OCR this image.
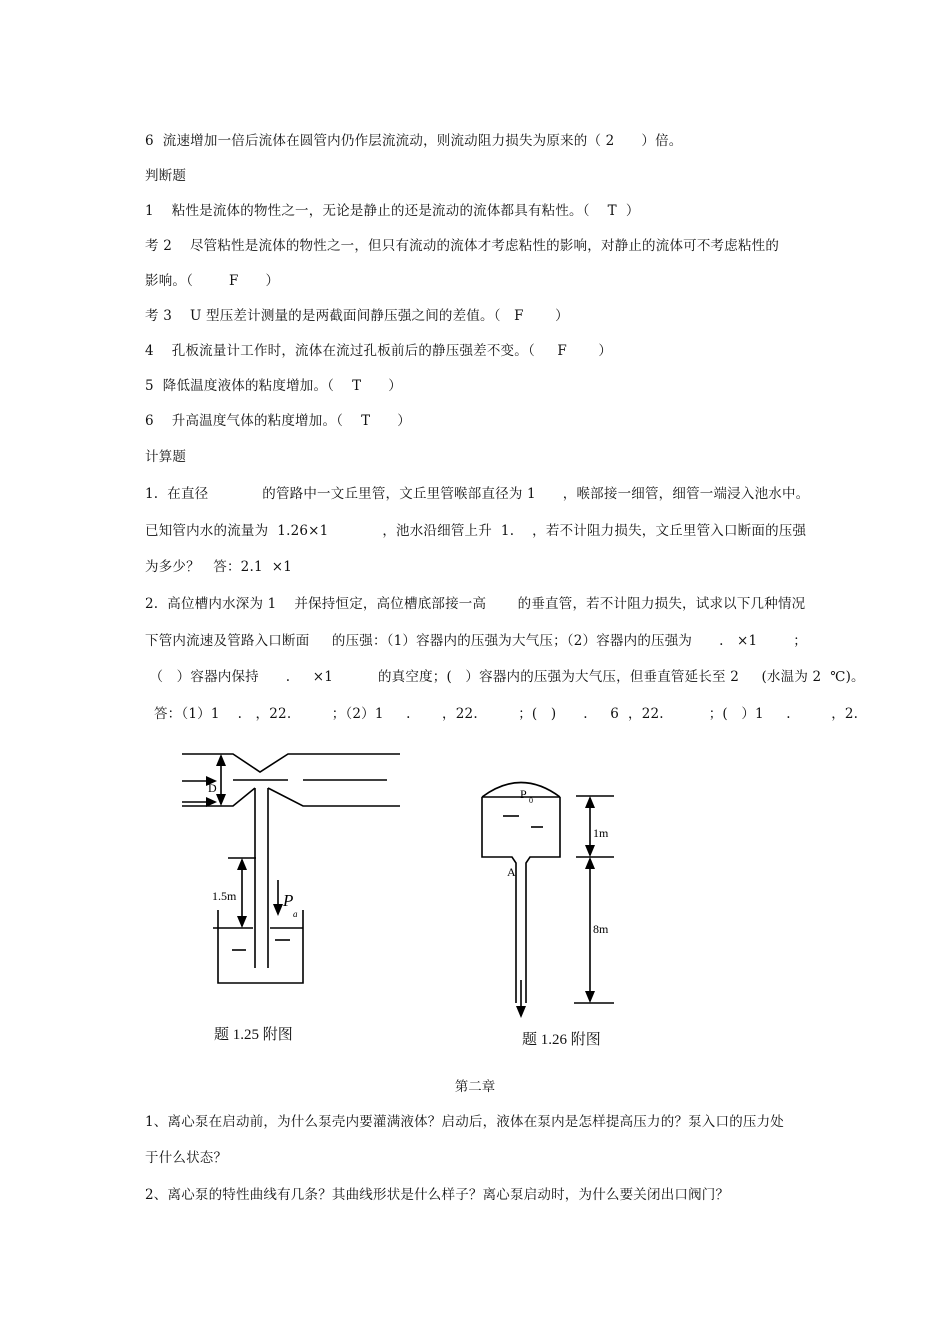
6  流速增加一倍后流体在圆管内仍作层流流动，则流动阻力损失为原来的（ 2      ）倍。
判断题
1    粘性是流体的物性之一，无论是静止的还是流动的流体都具有粘性。（    T  ）
考 2    尽管粘性是流体的物性之一，但只有流动的流体才考虑粘性的影响，对静止的流体可不考虑粘性的
影响。（        F      ）
考 3    U 型压差计测量的是两截面间静压强之间的差值。（   F       ）
4    孔板流量计工作时，流体在流过孔板前后的静压强差不变。（     F       ）
5  降低温度液体的粘度增加。（    T      ）
6    升高温度气体的粘度增加。（    T      ）
计算题
1.  在直径            的管路中一文丘里管，文丘里管喉部直径为 1      ，喉部接一细管，细管一端浸入池水中。
已知管内水的流量为  1.26×1            ，池水沿细管上升  1.    ，若不计阻力损失，文丘里管入口断面的压强
为多少？   答：2.1  ×1
2.  高位槽内水深为 1    并保持恒定，高位槽底部接一高       的垂直管，若不计阻力损失，试求以下几种情况
下管内流速及管路入口断面     的压强：（1）容器内的压强为大气压；（2）容器内的压强为      .   ×1        ；
（   ）容器内保持      .     ×1          的真空度；(   ）容器内的压强为大气压，但垂直管延长至 2     (水温为 2  ℃)。
答：（1）1    .   ，22.         ；（2）1     .       ，22.         ；(   )      .     6  ，22.          ；(   ）1     .         ，2.
D
1.5m	P
a
P 0
1m
A
8m
题 1.25 附图	题 1.26 附图
第二章
1、离心泵在启动前，为什么泵壳内要灌满液体？启动后，液体在泵内是怎样提高压力的？泵入口的压力处
于什么状态？
2、离心泵的特性曲线有几条？其曲线形状是什么样子？离心泵启动时，为什么要关闭出口阀门？
